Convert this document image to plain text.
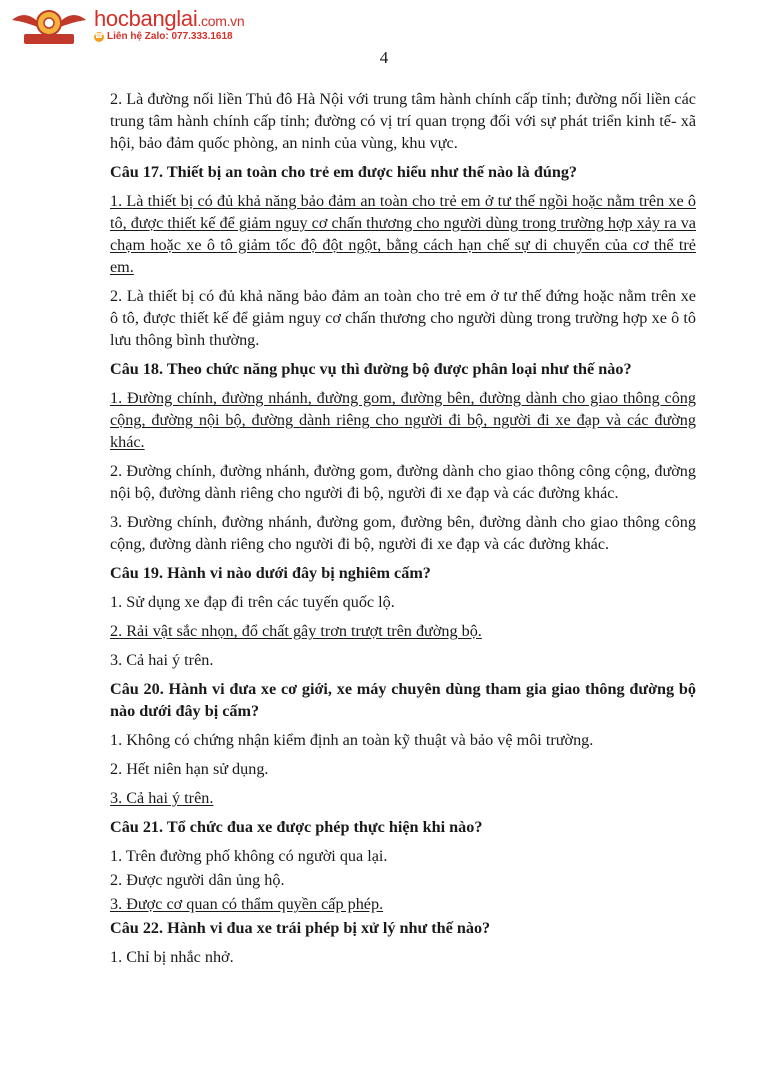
hocbanglai.com.vn
☎ Liên hệ Zalo: 077.333.1618
4

2. Là đường nối liền Thủ đô Hà Nội với trung tâm hành chính cấp tỉnh; đường nối liền các trung tâm hành chính cấp tỉnh; đường có vị trí quan trọng đối với sự phát triển kinh tế- xã hội, bảo đảm quốc phòng, an ninh của vùng, khu vực.

Câu 17. Thiết bị an toàn cho trẻ em được hiểu như thế nào là đúng?

1. Là thiết bị có đủ khả năng bảo đảm an toàn cho trẻ em ở tư thế ngồi hoặc nằm trên xe ô tô, được thiết kế để giảm nguy cơ chấn thương cho người dùng trong trường hợp xảy ra va chạm hoặc xe ô tô giảm tốc độ đột ngột, bằng cách hạn chế sự di chuyển của cơ thể trẻ em.

2. Là thiết bị có đủ khả năng bảo đảm an toàn cho trẻ em ở tư thế đứng hoặc nằm trên xe ô tô, được thiết kế để giảm nguy cơ chấn thương cho người dùng trong trường hợp xe ô tô lưu thông bình thường.

Câu 18. Theo chức năng phục vụ thì đường bộ được phân loại như thế nào?

1. Đường chính, đường nhánh, đường gom, đường bên, đường dành cho giao thông công cộng, đường nội bộ, đường dành riêng cho người đi bộ, người đi xe đạp và các đường khác.

2. Đường chính, đường nhánh, đường gom, đường dành cho giao thông công cộng, đường nội bộ, đường dành riêng cho người đi bộ, người đi xe đạp và các đường khác.

3. Đường chính, đường nhánh, đường gom, đường bên, đường dành cho giao thông công cộng, đường dành riêng cho người đi bộ, người đi xe đạp và các đường khác.

Câu 19. Hành vi nào dưới đây bị nghiêm cấm?

1. Sử dụng xe đạp đi trên các tuyến quốc lộ.

2. Rải vật sắc nhọn, đổ chất gây trơn trượt trên đường bộ.

3. Cả hai ý trên.

Câu 20. Hành vi đưa xe cơ giới, xe máy chuyên dùng tham gia giao thông đường bộ nào dưới đây bị cấm?

1. Không có chứng nhận kiểm định an toàn kỹ thuật và bảo vệ môi trường.

2. Hết niên hạn sử dụng.

3. Cả hai ý trên.

Câu 21. Tổ chức đua xe được phép thực hiện khi nào?

1. Trên đường phố không có người qua lại.

2. Được người dân ủng hộ.

3. Được cơ quan có thẩm quyền cấp phép.

Câu 22. Hành vi đua xe trái phép bị xử lý như thế nào?

1. Chỉ bị nhắc nhở.
